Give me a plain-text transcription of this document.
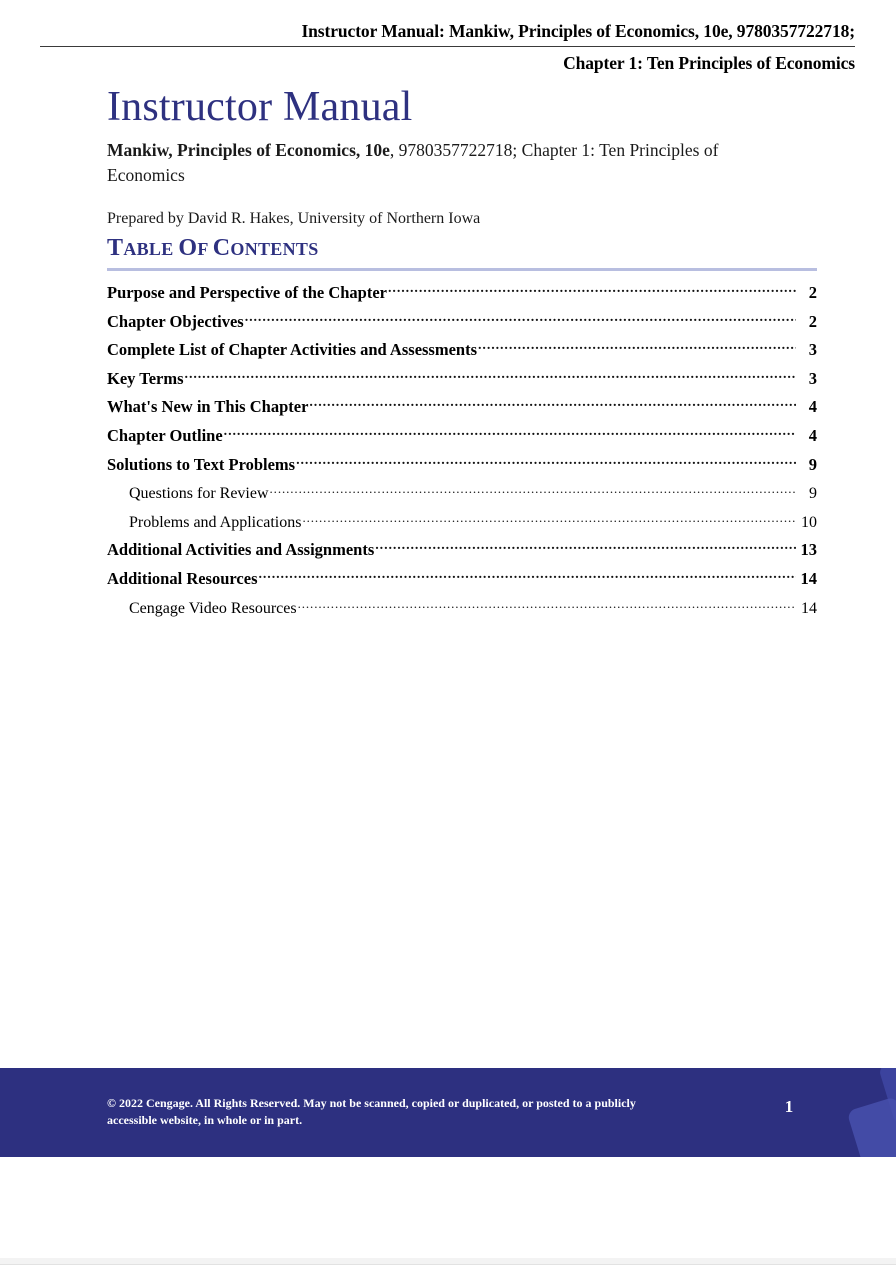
Instructor Manual: Mankiw, Principles of Economics, 10e, 9780357722718;
Chapter 1: Ten Principles of Economics
Instructor Manual
Mankiw, Principles of Economics, 10e, 9780357722718; Chapter 1: Ten Principles of Economics
Prepared by David R. Hakes, University of Northern Iowa
TABLE OF CONTENTS
Purpose and Perspective of the Chapter .....	2
Chapter Objectives .....	2
Complete List of Chapter Activities and Assessments .....	3
Key Terms .....	3
What's New in This Chapter .....	4
Chapter Outline .....	4
Solutions to Text Problems .....	9
Questions for Review .....	9
Problems and Applications .....	10
Additional Activities and Assignments .....	13
Additional Resources .....	14
Cengage Video Resources .....	14
© 2022 Cengage. All Rights Reserved. May not be scanned, copied or duplicated, or posted to a publicly accessible website, in whole or in part.
1
